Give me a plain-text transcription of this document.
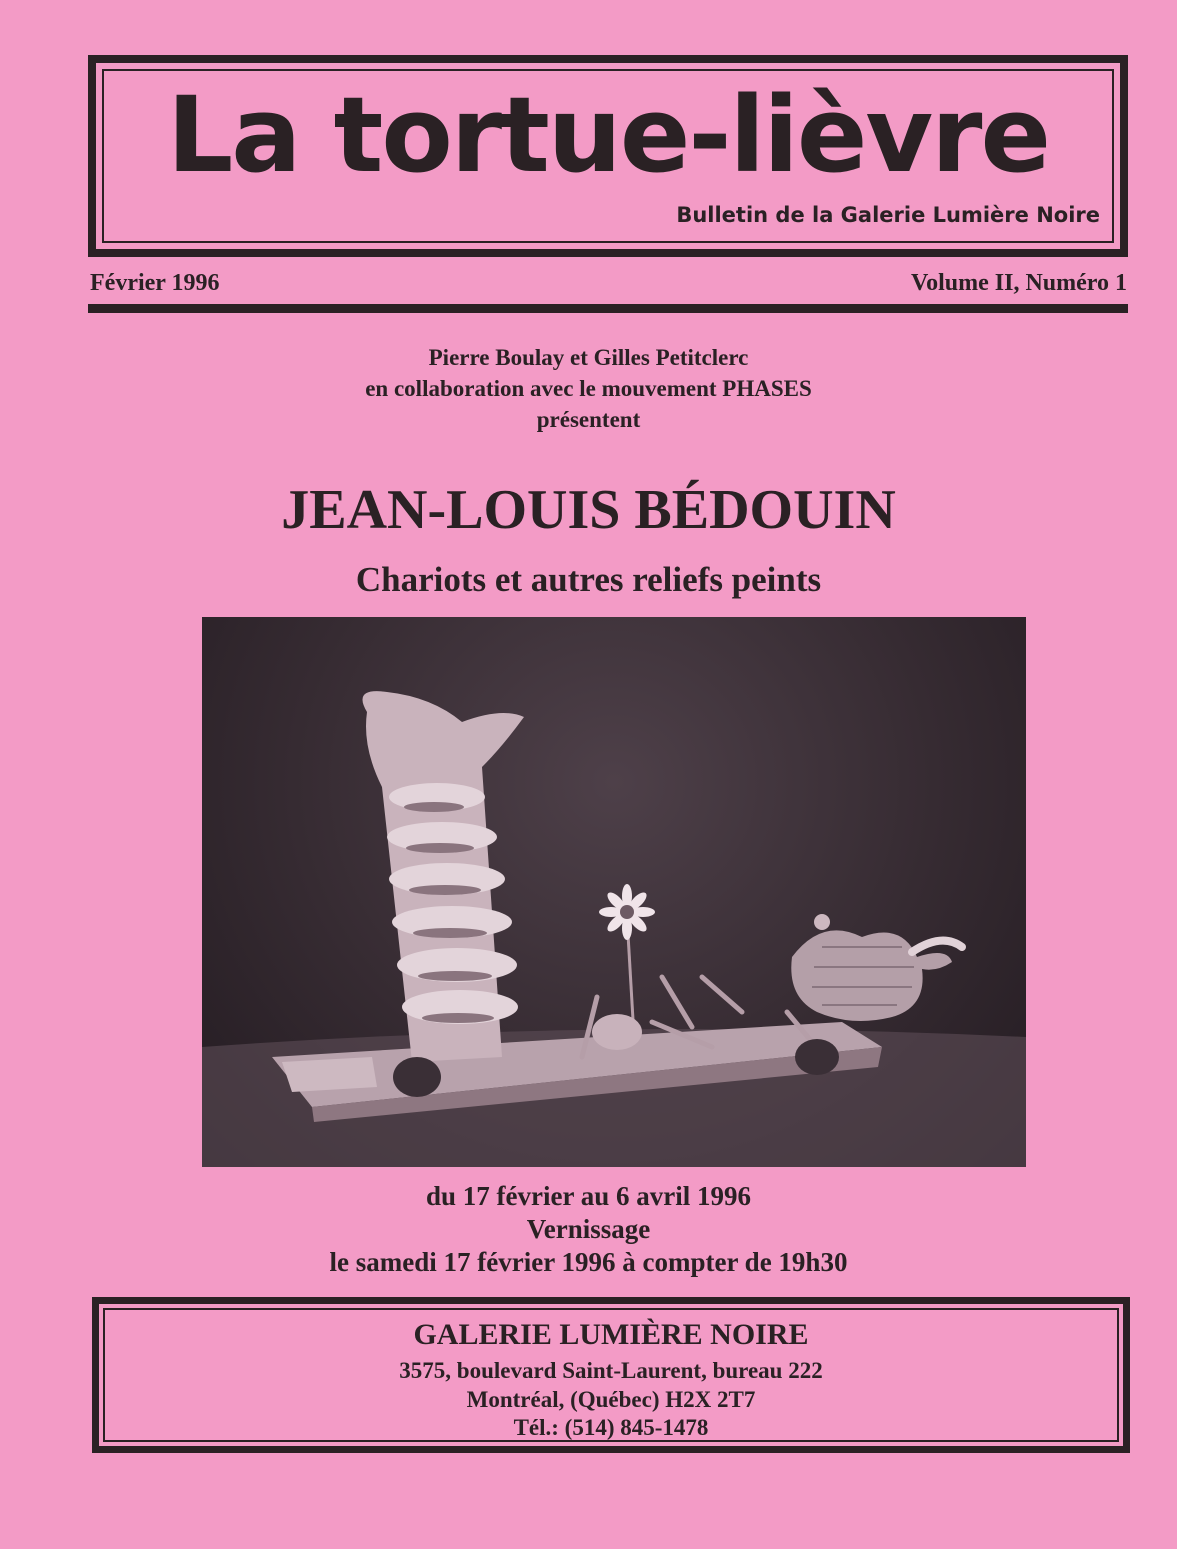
La tortue-lièvre
Bulletin de la Galerie Lumière Noire
Février 1996	Volume II, Numéro 1
Pierre Boulay et Gilles Petitclerc
en collaboration avec le mouvement PHASES
présentent
JEAN-LOUIS BÉDOUIN
Chariots et autres reliefs peints
du 17 février au 6 avril 1996
Vernissage
le samedi 17 février 1996 à compter de 19h30
GALERIE LUMIÈRE NOIRE
3575, boulevard Saint-Laurent, bureau 222
Montréal, (Québec) H2X 2T7
Tél.: (514) 845-1478
